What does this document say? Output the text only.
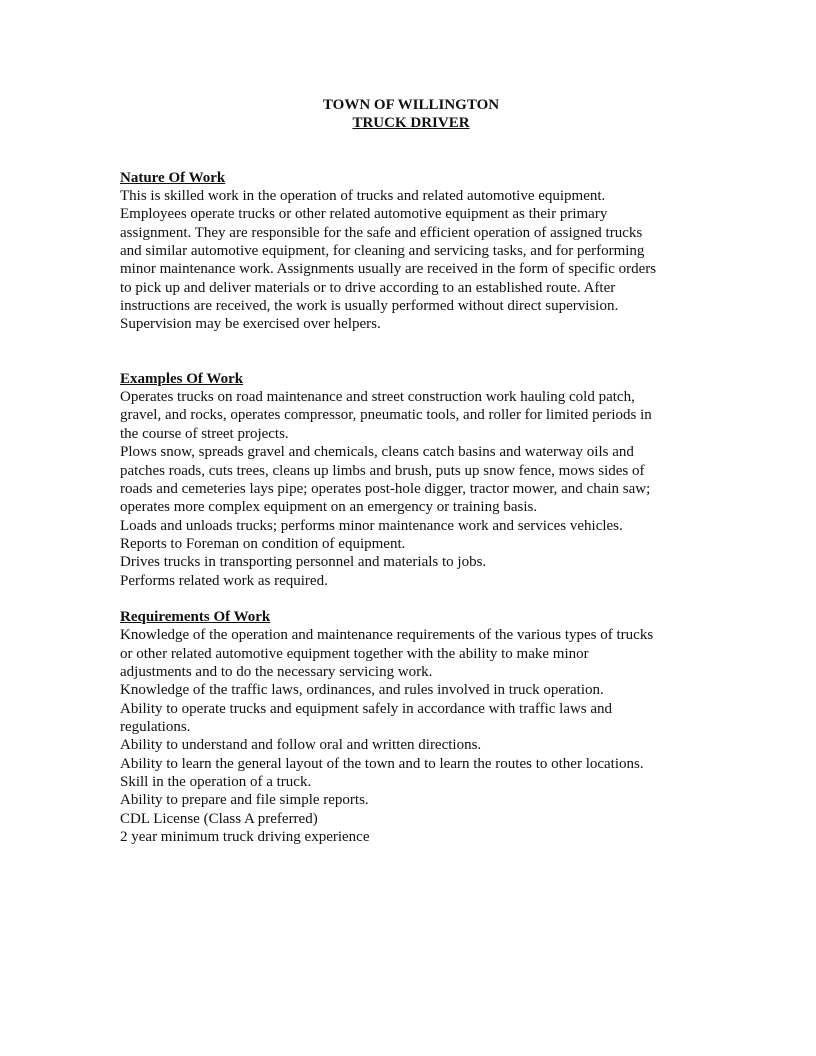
TOWN OF WILLINGTON
TRUCK DRIVER
Nature Of Work
This is skilled work in the operation of trucks and related automotive equipment.
Employees operate trucks or other related automotive equipment as their primary
assignment. They are responsible for the safe and efficient operation of assigned trucks
and similar automotive equipment, for cleaning and servicing tasks, and for performing
minor maintenance work. Assignments usually are received in the form of specific orders
to pick up and deliver materials or to drive according to an established route. After
instructions are received, the work is usually performed without direct supervision.
Supervision may be exercised over helpers.
Examples Of Work
Operates trucks on road maintenance and street construction work hauling cold patch,
gravel, and rocks, operates compressor, pneumatic tools, and roller for limited periods in
the course of street projects.
Plows snow, spreads gravel and chemicals, cleans catch basins and waterway oils and
patches roads, cuts trees, cleans up limbs and brush, puts up snow fence, mows sides of
roads and cemeteries lays pipe; operates post-hole digger, tractor mower, and chain saw;
operates more complex equipment on an emergency or training basis.
Loads and unloads trucks; performs minor maintenance work and services vehicles.
Reports to Foreman on condition of equipment.
Drives trucks in transporting personnel and materials to jobs.
Performs related work as required.
Requirements Of Work
Knowledge of the operation and maintenance requirements of the various types of trucks
or other related automotive equipment together with the ability to make minor
adjustments and to do the necessary servicing work.
Knowledge of the traffic laws, ordinances, and rules involved in truck operation.
Ability to operate trucks and equipment safely in accordance with traffic laws and
regulations.
Ability to understand and follow oral and written directions.
Ability to learn the general layout of the town and to learn the routes to other locations.
Skill in the operation of a truck.
Ability to prepare and file simple reports.
CDL License (Class A preferred)
2 year minimum truck driving experience
